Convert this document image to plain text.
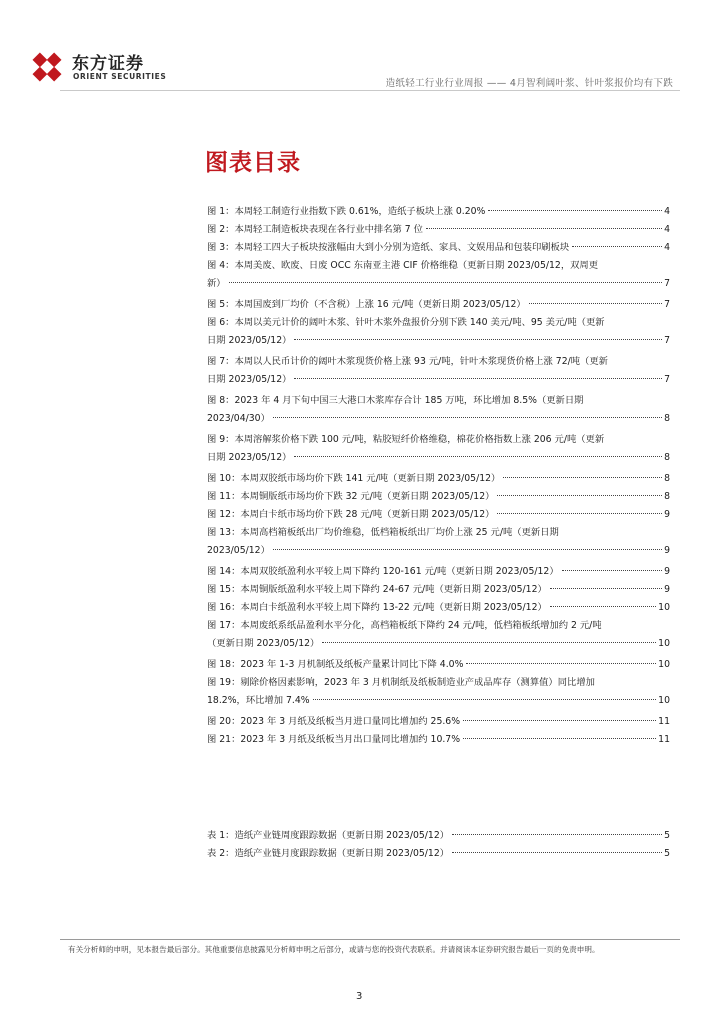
东方证券
ORIENT SECURITIES
造纸轻工行业行业周报 —— 4月智利阔叶浆、针叶浆报价均有下跌
图表目录
图 1：本周轻工制造行业指数下跌 0.61%，造纸子板块上涨 0.20%	4
图 2：本周轻工制造板块表现在各行业中排名第 7 位	4
图 3：本周轻工四大子板块按涨幅由大到小分别为造纸、家具、文娱用品和包装印刷板块	4
图 4：本周美废、欧废、日废 OCC 东南亚主港 CIF 价格维稳（更新日期 2023/05/12，双周更
新）	7
图 5：本周国废到厂均价（不含税）上涨 16 元/吨（更新日期 2023/05/12）	7
图 6：本周以美元计价的阔叶木浆、针叶木浆外盘报价分别下跌 140 美元/吨、95 美元/吨（更新
日期 2023/05/12）	7
图 7：本周以人民币计价的阔叶木浆现货价格上涨 93 元/吨，针叶木浆现货价格上涨 72/吨（更新
日期 2023/05/12）	7
图 8：2023 年 4 月下旬中国三大港口木浆库存合计 185 万吨，环比增加 8.5%（更新日期
2023/04/30）	8
图 9：本周溶解浆价格下跌 100 元/吨，粘胶短纤价格维稳，棉花价格指数上涨 206 元/吨（更新
日期 2023/05/12）	8
图 10：本周双胶纸市场均价下跌 141 元/吨（更新日期 2023/05/12）	8
图 11：本周铜版纸市场均价下跌 32 元/吨（更新日期 2023/05/12）	8
图 12：本周白卡纸市场均价下跌 28 元/吨（更新日期 2023/05/12）	9
图 13：本周高档箱板纸出厂均价维稳，低档箱板纸出厂均价上涨 25 元/吨（更新日期
2023/05/12）	9
图 14：本周双胶纸盈利水平较上周下降约 120-161 元/吨（更新日期 2023/05/12）	9
图 15：本周铜版纸盈利水平较上周下降约 24-67 元/吨（更新日期 2023/05/12）	9
图 16：本周白卡纸盈利水平较上周下降约 13-22 元/吨（更新日期 2023/05/12）	10
图 17：本周废纸系纸品盈利水平分化，高档箱板纸下降约 24 元/吨，低档箱板纸增加约 2 元/吨
（更新日期 2023/05/12）	10
图 18：2023 年 1-3 月机制纸及纸板产量累计同比下降 4.0%	10
图 19：剔除价格因素影响，2023 年 3 月机制纸及纸板制造业产成品库存（测算值）同比增加
18.2%，环比增加 7.4%	10
图 20：2023 年 3 月纸及纸板当月进口量同比增加约 25.6%	11
图 21：2023 年 3 月纸及纸板当月出口量同比增加约 10.7%	11
表 1：造纸产业链周度跟踪数据（更新日期 2023/05/12）	5
表 2：造纸产业链月度跟踪数据（更新日期 2023/05/12）	5
有关分析师的申明，见本报告最后部分。其他重要信息披露见分析师申明之后部分，或请与您的投资代表联系。并请阅读本证券研究报告最后一页的免责申明。
3
